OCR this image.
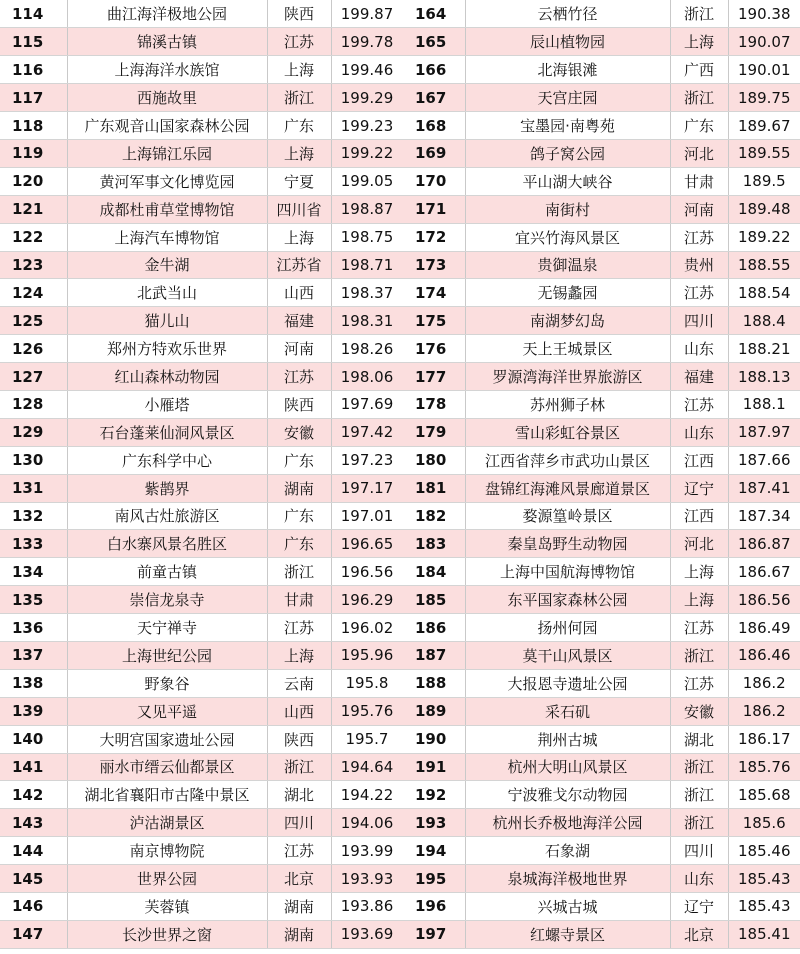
114	曲江海洋极地公园	陕西	199.87
115	锦溪古镇	江苏	199.78
116	上海海洋水族馆	上海	199.46
117	西施故里	浙江	199.29
118	广东观音山国家森林公园	广东	199.23
119	上海锦江乐园	上海	199.22
120	黄河军事文化博览园	宁夏	199.05
121	成都杜甫草堂博物馆	四川省	198.87
122	上海汽车博物馆	上海	198.75
123	金牛湖	江苏省	198.71
124	北武当山	山西	198.37
125	猫儿山	福建	198.31
126	郑州方特欢乐世界	河南	198.26
127	红山森林动物园	江苏	198.06
128	小雁塔	陕西	197.69
129	石台蓬莱仙洞风景区	安徽	197.42
130	广东科学中心	广东	197.23
131	紫鹊界	湖南	197.17
132	南风古灶旅游区	广东	197.01
133	白水寨风景名胜区	广东	196.65
134	前童古镇	浙江	196.56
135	崇信龙泉寺	甘肃	196.29
136	天宁禅寺	江苏	196.02
137	上海世纪公园	上海	195.96
138	野象谷	云南	195.8
139	又见平遥	山西	195.76
140	大明宫国家遗址公园	陕西	195.7
141	丽水市缙云仙都景区	浙江	194.64
142	湖北省襄阳市古隆中景区	湖北	194.22
143	泸沽湖景区	四川	194.06
144	南京博物院	江苏	193.99
145	世界公园	北京	193.93
146	芙蓉镇	湖南	193.86
147	长沙世界之窗	湖南	193.69
164	云栖竹径	浙江	190.38
165	辰山植物园	上海	190.07
166	北海银滩	广西	190.01
167	天宫庄园	浙江	189.75
168	宝墨园·南粤苑	广东	189.67
169	鸽子窝公园	河北	189.55
170	平山湖大峡谷	甘肃	189.5
171	南街村	河南	189.48
172	宜兴竹海风景区	江苏	189.22
173	贵御温泉	贵州	188.55
174	无锡蠡园	江苏	188.54
175	南湖梦幻岛	四川	188.4
176	天上王城景区	山东	188.21
177	罗源湾海洋世界旅游区	福建	188.13
178	苏州狮子林	江苏	188.1
179	雪山彩虹谷景区	山东	187.97
180	江西省萍乡市武功山景区	江西	187.66
181	盘锦红海滩风景廊道景区	辽宁	187.41
182	婺源篁岭景区	江西	187.34
183	秦皇岛野生动物园	河北	186.87
184	上海中国航海博物馆	上海	186.67
185	东平国家森林公园	上海	186.56
186	扬州何园	江苏	186.49
187	莫干山风景区	浙江	186.46
188	大报恩寺遗址公园	江苏	186.2
189	采石矶	安徽	186.2
190	荆州古城	湖北	186.17
191	杭州大明山风景区	浙江	185.76
192	宁波雅戈尔动物园	浙江	185.68
193	杭州长乔极地海洋公园	浙江	185.6
194	石象湖	四川	185.46
195	泉城海洋极地世界	山东	185.43
196	兴城古城	辽宁	185.43
197	红螺寺景区	北京	185.41
